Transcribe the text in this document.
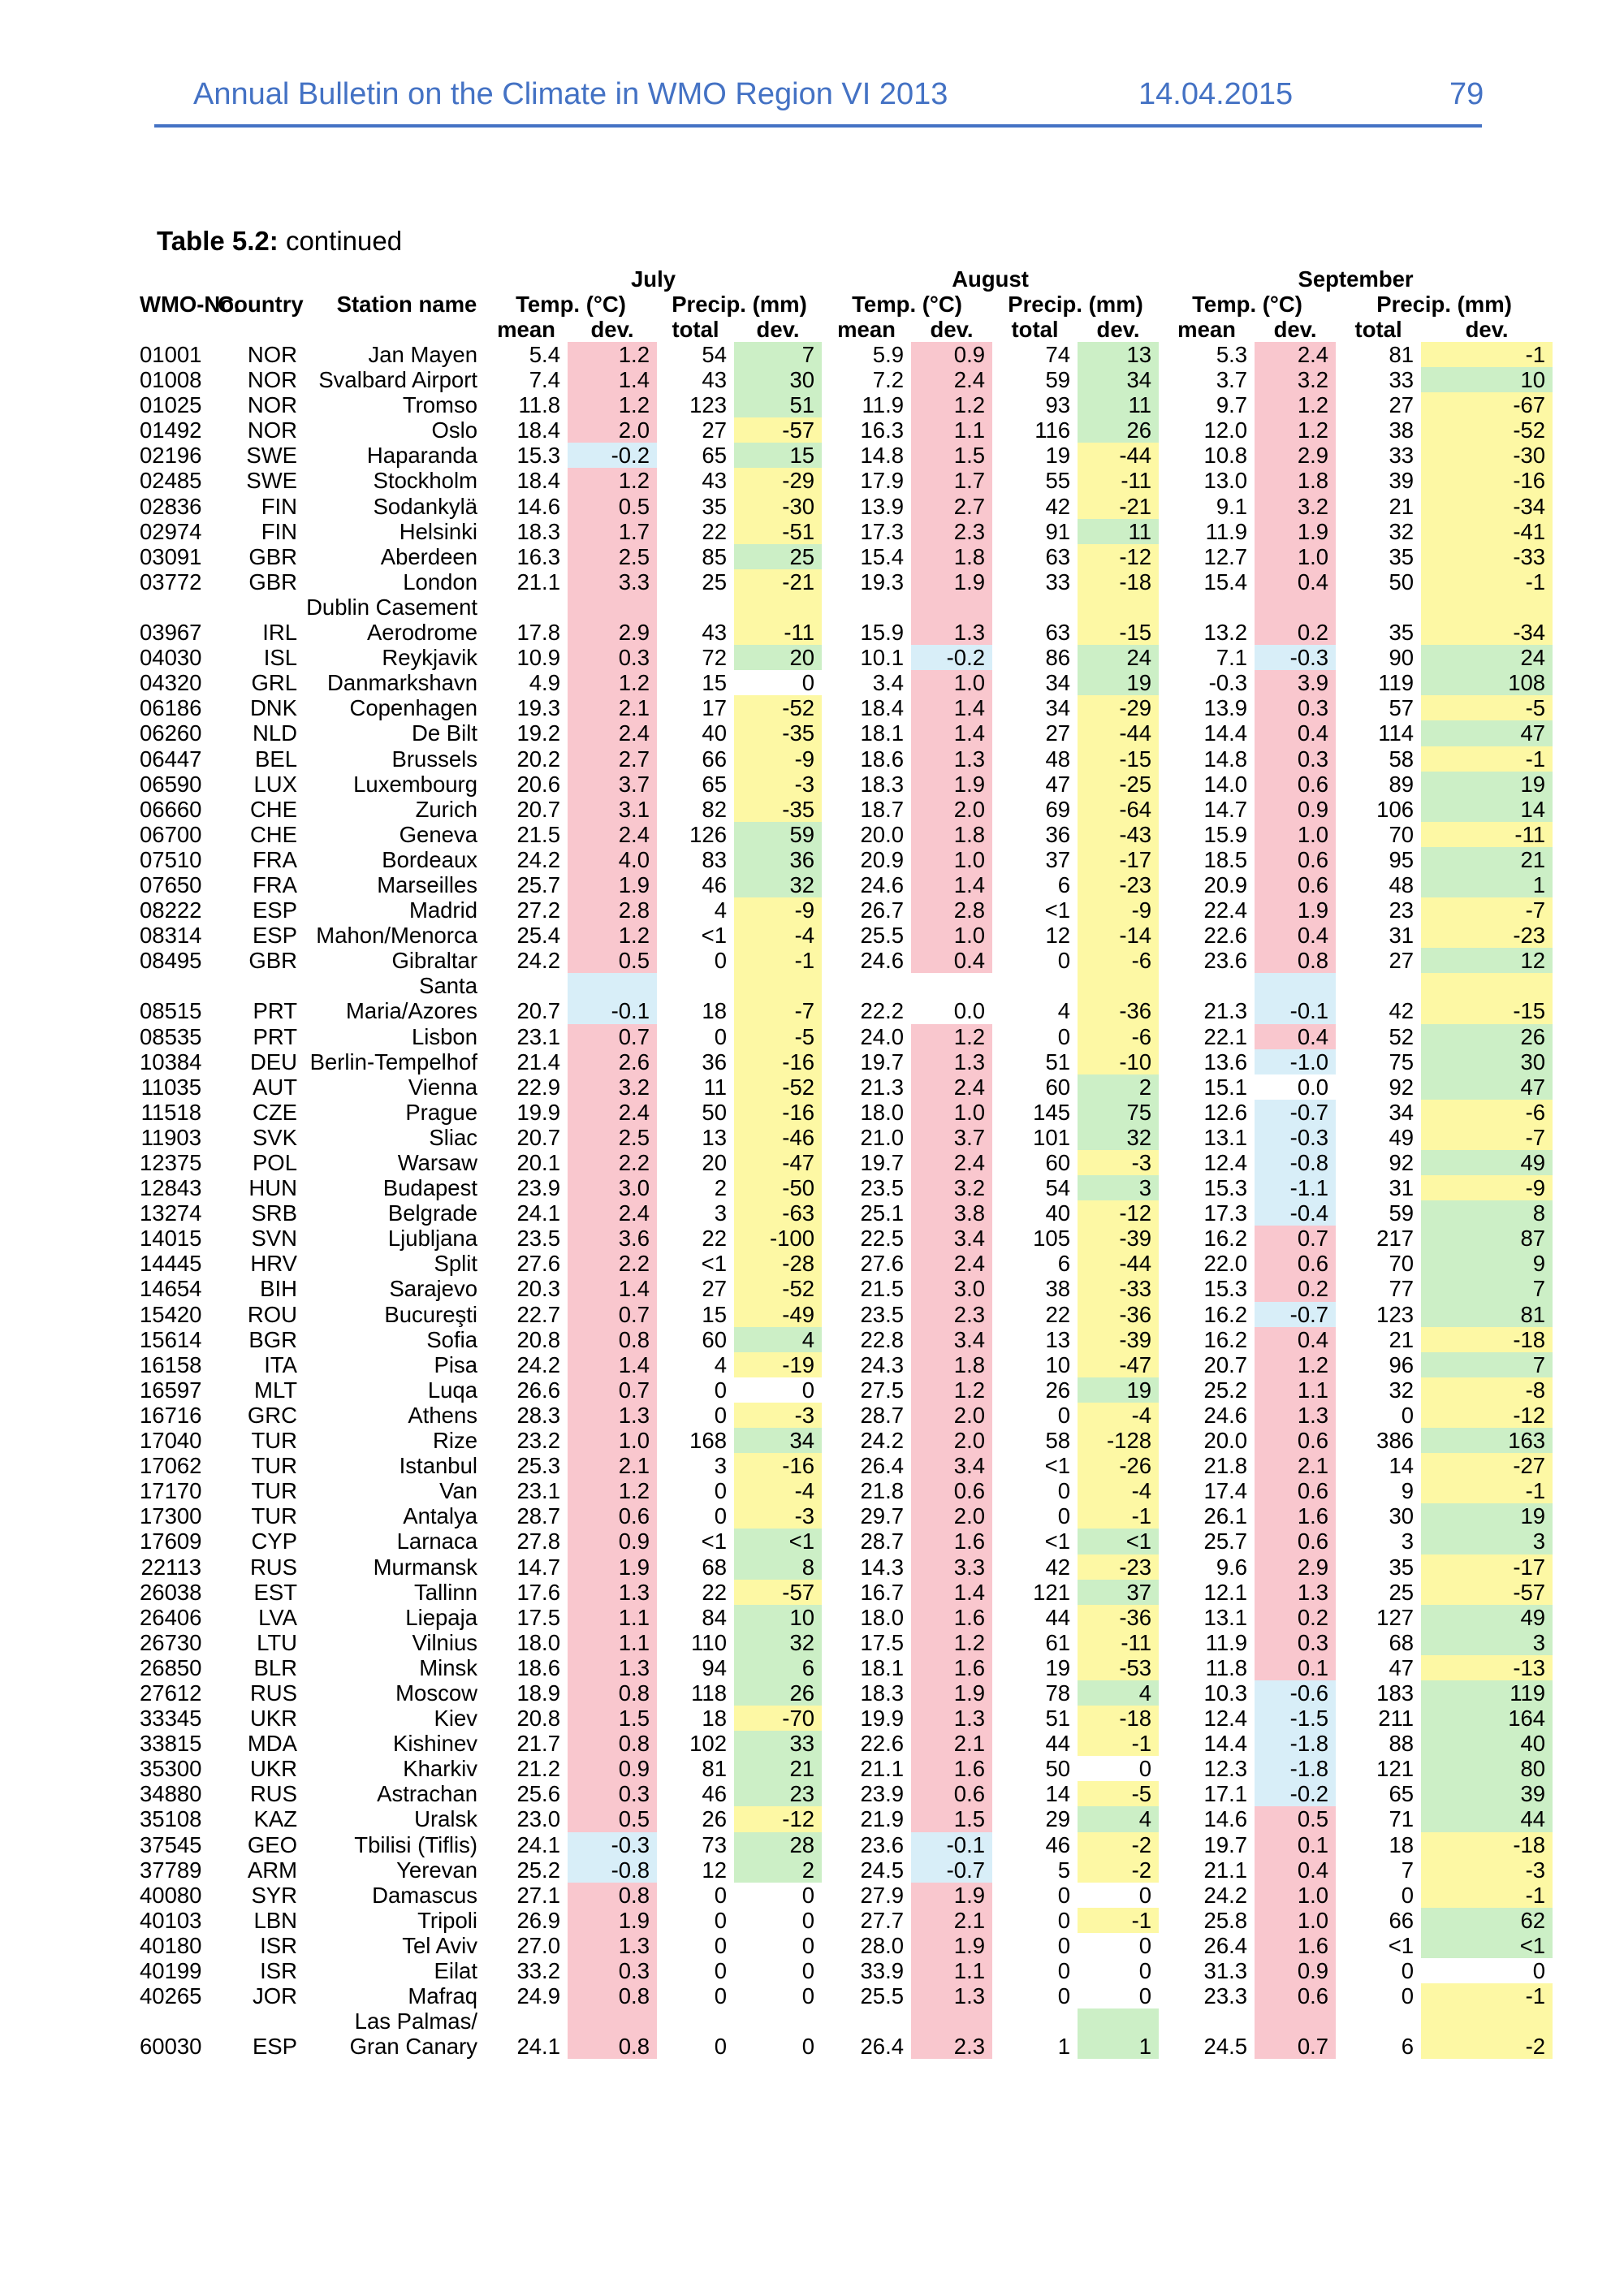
Annual Bulletin on the Climate in WMO Region VI 2013	14.04.2015	79
Table 5.2: continued
WMO-No.	Country	Station name	July				August				September			
			Temp. (°C)		Precip. (mm)		Temp. (°C)		Precip. (mm)		Temp. (°C)		Precip. (mm)	
			mean	dev.	total	dev.	mean	dev.	total	dev.	mean	dev.	total	dev.
01001	NOR	Jan Mayen	5.4	1.2	54	7	5.9	0.9	74	13	5.3	2.4	81	-1
01008	NOR	Svalbard Airport	7.4	1.4	43	30	7.2	2.4	59	34	3.7	3.2	33	10
01025	NOR	Tromso	11.8	1.2	123	51	11.9	1.2	93	11	9.7	1.2	27	-67
01492	NOR	Oslo	18.4	2.0	27	-57	16.3	1.1	116	26	12.0	1.2	38	-52
02196	SWE	Haparanda	15.3	-0.2	65	15	14.8	1.5	19	-44	10.8	2.9	33	-30
02485	SWE	Stockholm	18.4	1.2	43	-29	17.9	1.7	55	-11	13.0	1.8	39	-16
02836	FIN	Sodankylä	14.6	0.5	35	-30	13.9	2.7	42	-21	9.1	3.2	21	-34
02974	FIN	Helsinki	18.3	1.7	22	-51	17.3	2.3	91	11	11.9	1.9	32	-41
03091	GBR	Aberdeen	16.3	2.5	85	25	15.4	1.8	63	-12	12.7	1.0	35	-33
03772	GBR	London	21.1	3.3	25	-21	19.3	1.9	33	-18	15.4	0.4	50	-1
03967	IRL	Dublin Casement
Aerodrome	17.8	2.9	43	-11	15.9	1.3	63	-15	13.2	0.2	35	-34
04030	ISL	Reykjavik	10.9	0.3	72	20	10.1	-0.2	86	24	7.1	-0.3	90	24
04320	GRL	Danmarkshavn	4.9	1.2	15	0	3.4	1.0	34	19	-0.3	3.9	119	108
06186	DNK	Copenhagen	19.3	2.1	17	-52	18.4	1.4	34	-29	13.9	0.3	57	-5
06260	NLD	De Bilt	19.2	2.4	40	-35	18.1	1.4	27	-44	14.4	0.4	114	47
06447	BEL	Brussels	20.2	2.7	66	-9	18.6	1.3	48	-15	14.8	0.3	58	-1
06590	LUX	Luxembourg	20.6	3.7	65	-3	18.3	1.9	47	-25	14.0	0.6	89	19
06660	CHE	Zurich	20.7	3.1	82	-35	18.7	2.0	69	-64	14.7	0.9	106	14
06700	CHE	Geneva	21.5	2.4	126	59	20.0	1.8	36	-43	15.9	1.0	70	-11
07510	FRA	Bordeaux	24.2	4.0	83	36	20.9	1.0	37	-17	18.5	0.6	95	21
07650	FRA	Marseilles	25.7	1.9	46	32	24.6	1.4	6	-23	20.9	0.6	48	1
08222	ESP	Madrid	27.2	2.8	4	-9	26.7	2.8	<1	-9	22.4	1.9	23	-7
08314	ESP	Mahon/Menorca	25.4	1.2	<1	-4	25.5	1.0	12	-14	22.6	0.4	31	-23
08495	GBR	Gibraltar	24.2	0.5	0	-1	24.6	0.4	0	-6	23.6	0.8	27	12
08515	PRT	Santa
Maria/Azores	20.7	-0.1	18	-7	22.2	0.0	4	-36	21.3	-0.1	42	-15
08535	PRT	Lisbon	23.1	0.7	0	-5	24.0	1.2	0	-6	22.1	0.4	52	26
10384	DEU	Berlin-Tempelhof	21.4	2.6	36	-16	19.7	1.3	51	-10	13.6	-1.0	75	30
11035	AUT	Vienna	22.9	3.2	11	-52	21.3	2.4	60	2	15.1	0.0	92	47
11518	CZE	Prague	19.9	2.4	50	-16	18.0	1.0	145	75	12.6	-0.7	34	-6
11903	SVK	Sliac	20.7	2.5	13	-46	21.0	3.7	101	32	13.1	-0.3	49	-7
12375	POL	Warsaw	20.1	2.2	20	-47	19.7	2.4	60	-3	12.4	-0.8	92	49
12843	HUN	Budapest	23.9	3.0	2	-50	23.5	3.2	54	3	15.3	-1.1	31	-9
13274	SRB	Belgrade	24.1	2.4	3	-63	25.1	3.8	40	-12	17.3	-0.4	59	8
14015	SVN	Ljubljana	23.5	3.6	22	-100	22.5	3.4	105	-39	16.2	0.7	217	87
14445	HRV	Split	27.6	2.2	<1	-28	27.6	2.4	6	-44	22.0	0.6	70	9
14654	BIH	Sarajevo	20.3	1.4	27	-52	21.5	3.0	38	-33	15.3	0.2	77	7
15420	ROU	Bucureşti	22.7	0.7	15	-49	23.5	2.3	22	-36	16.2	-0.7	123	81
15614	BGR	Sofia	20.8	0.8	60	4	22.8	3.4	13	-39	16.2	0.4	21	-18
16158	ITA	Pisa	24.2	1.4	4	-19	24.3	1.8	10	-47	20.7	1.2	96	7
16597	MLT	Luqa	26.6	0.7	0	0	27.5	1.2	26	19	25.2	1.1	32	-8
16716	GRC	Athens	28.3	1.3	0	-3	28.7	2.0	0	-4	24.6	1.3	0	-12
17040	TUR	Rize	23.2	1.0	168	34	24.2	2.0	58	-128	20.0	0.6	386	163
17062	TUR	Istanbul	25.3	2.1	3	-16	26.4	3.4	<1	-26	21.8	2.1	14	-27
17170	TUR	Van	23.1	1.2	0	-4	21.8	0.6	0	-4	17.4	0.6	9	-1
17300	TUR	Antalya	28.7	0.6	0	-3	29.7	2.0	0	-1	26.1	1.6	30	19
17609	CYP	Larnaca	27.8	0.9	<1	<1	28.7	1.6	<1	<1	25.7	0.6	3	3
22113	RUS	Murmansk	14.7	1.9	68	8	14.3	3.3	42	-23	9.6	2.9	35	-17
26038	EST	Tallinn	17.6	1.3	22	-57	16.7	1.4	121	37	12.1	1.3	25	-57
26406	LVA	Liepaja	17.5	1.1	84	10	18.0	1.6	44	-36	13.1	0.2	127	49
26730	LTU	Vilnius	18.0	1.1	110	32	17.5	1.2	61	-11	11.9	0.3	68	3
26850	BLR	Minsk	18.6	1.3	94	6	18.1	1.6	19	-53	11.8	0.1	47	-13
27612	RUS	Moscow	18.9	0.8	118	26	18.3	1.9	78	4	10.3	-0.6	183	119
33345	UKR	Kiev	20.8	1.5	18	-70	19.9	1.3	51	-18	12.4	-1.5	211	164
33815	MDA	Kishinev	21.7	0.8	102	33	22.6	2.1	44	-1	14.4	-1.8	88	40
35300	UKR	Kharkiv	21.2	0.9	81	21	21.1	1.6	50	0	12.3	-1.8	121	80
34880	RUS	Astrachan	25.6	0.3	46	23	23.9	0.6	14	-5	17.1	-0.2	65	39
35108	KAZ	Uralsk	23.0	0.5	26	-12	21.9	1.5	29	4	14.6	0.5	71	44
37545	GEO	Tbilisi (Tiflis)	24.1	-0.3	73	28	23.6	-0.1	46	-2	19.7	0.1	18	-18
37789	ARM	Yerevan	25.2	-0.8	12	2	24.5	-0.7	5	-2	21.1	0.4	7	-3
40080	SYR	Damascus	27.1	0.8	0	0	27.9	1.9	0	0	24.2	1.0	0	-1
40103	LBN	Tripoli	26.9	1.9	0	0	27.7	2.1	0	-1	25.8	1.0	66	62
40180	ISR	Tel Aviv	27.0	1.3	0	0	28.0	1.9	0	0	26.4	1.6	<1	<1
40199	ISR	Eilat	33.2	0.3	0	0	33.9	1.1	0	0	31.3	0.9	0	0
40265	JOR	Mafraq	24.9	0.8	0	0	25.5	1.3	0	0	23.3	0.6	0	-1
60030	ESP	Las Palmas/
Gran Canary	24.1	0.8	0	0	26.4	2.3	1	1	24.5	0.7	6	-2
